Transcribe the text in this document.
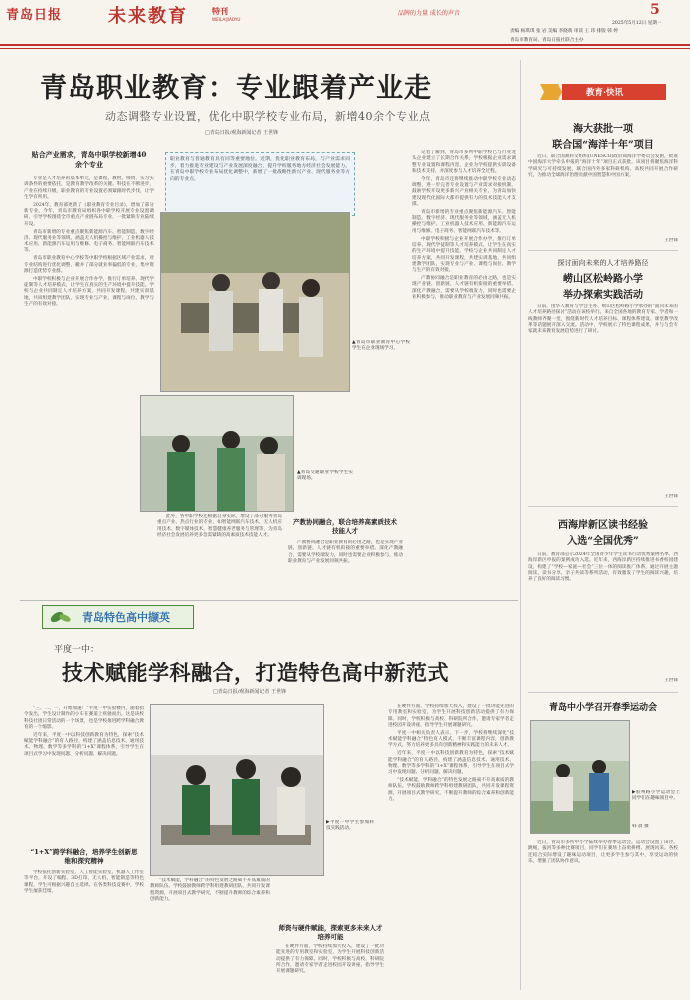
青岛日报	未来教育	特刊
WEILAIJIAOYU
品牌的力量 成长的声音	5
2025年5月12日 星期一
责编 杨琪琪 张 岩 美编 李晓萌 审读 王 玮 排版 韩 婷
青岛市教育局、青岛日报社联合主办
青岛职业教育：专业跟着产业走
动态调整专业设置，优化中职学校专业布局，新增40余个专业点
□青岛日报/观海新闻记者 王世锋
职业教育与普通教育具有同等重要地位。近期，优化职业教育布局，与产业需求同步，着力推进专业建设与产业发展深度融合，提升学校服务地方经济社会发展能力。在青岛中职学校专业布局优化调整中，新增了一批战略性新兴产业、现代服务业等方向的专业点。
贴合产业需求，青岛中职学校新增40余个专业

专业是人才培养的基本单元，是课程、教材、师资、实习实训条件的重要依托，是教育教学改革的关键。科技在不断进步，产业在持续升级，职业教育的专业设置必须紧跟时代步伐，让学生学有所用。

2024年，教育部更新了《职业教育专业目录》，增加了部分新专业。今年，青岛市教育局组织各中职学校开展专业设置调研，引导学校围绕全市重点产业链布局专业，一批紧缺专业陆续开设。

青岛市新增的专业重点聚焦新能源汽车、智能制造、数字经济、现代服务业等领域，涵盖无人机操控与维护、工业机器人技术应用、新能源汽车运用与维修、电子商务、智能网联汽车技术等。

青岛市职业教育中心学校等中职学校根据区域产业需求，对专业结构进行优化调整，撤并了部分就业率偏低的专业，集中资源打造优势专业群。

中职学校积极与企业开展合作办学，推行订单培养、现代学徒制等人才培养模式，让学生在真实的生产环境中提升技能。学校与企业共同制定人才培养方案，共同开发课程，共建实训基地，共同组建教学团队，实现专业与产业、课程与岗位、教学与生产的有效对接。

▲青岛市职业教育中心学校学生在企业现场学习。
▲青岛交通职业学校学生实训现场。

此外，各中职学校还根据自身实际，增设了部分服务青岛重点产业、热点行业的专业，如智能网联汽车技术、无人机应用技术、数字媒体技术、智慧健康养老服务与管理等，为青岛经济社会发展培养更多急需紧缺的高素质技术技能人才。

产教协同融合，联合培养高素质技术技能人才

产教协同融合是职业教育的必由之路，也是实现产业链、创新链、人才链有机衔接的重要举措。深化产教融合，需要从学校端发力，同时也需要企业积极参与，推动职业教育与产业发展同频共振。

记者了解到，青岛市多所中职学校已与行业龙头企业建立了长期合作关系，学校根据企业需求调整专业设置和课程内容，企业为学校提供实训设备和技术支持，并深度参与人才培养全过程。

今年，青岛市还将继续推动中职学校专业动态调整，进一步完善专业设置与产业需求对接机制，鼓励学校开设更多新兴产业相关专业，为青岛加快建设现代化国际大都市提供有力的技术技能人才支撑。

青岛市新增的专业重点聚焦新能源汽车、智能制造、数字经济、现代服务业等领域，涵盖无人机操控与维护、工业机器人技术应用、新能源汽车运用与维修、电子商务、智能网联汽车技术等。

中职学校积极与企业开展合作办学，推行订单培养、现代学徒制等人才培养模式，让学生在真实的生产环境中提升技能。学校与企业共同制定人才培养方案，共同开发课程，共建实训基地，共同组建教学团队，实现专业与产业、课程与岗位、教学与生产的有效对接。

产教协同融合是职业教育的必由之路，也是实现产业链、创新链、人才链有机衔接的重要举措。深化产教融合，需要从学校端发力，同时也需要企业积极参与，推动职业教育与产业发展同频共振。

青岛特色高中撷英
平度一中：
技术赋能学科融合，打造特色高中新范式
□青岛日报/观海新闻记者 王世锋

“三、二、一，开始加速！”平度一中实验楼内，随着指令发出，学生设计制作的小车在赛道上疾驰而出。这是该校科技社团日常活动的一个场景，也是学校推进跨学科融合教育的一个缩影。

近年来，平度一中以科技创新教育为特色，探索“技术赋能学科融合”的育人路径，构建了涵盖信息技术、通用技术、物理、数学等多学科的“1+X”课程体系，引导学生在项目式学习中发现问题、分析问题、解决问题。

“1+X”跨学科融合，培养学生创新思维和探究精神

学校依托创新实验室、人工智能实验室、机器人工作室等平台，开设了编程、3D打印、无人机、智能制造等特色课程，学生可根据兴趣自主选择。在各类科技竞赛中，学校学生屡获佳绩。

▶平度一中学生参加科技实践活动。

“技术赋能，学科融合”的特色发展之路离不开高素质的教师队伍。学校鼓励教师跨学科组建教研团队，共同开发课程资源，开展项目式教学研究，不断提升教师的综合素养和创新能力。

师资与硬件赋能，探索更多未来人才培养可能

在硬件方面，学校持续加大投入，建设了一批功能先进的专用教室和实验室，为学生开展科技创新活动提供了有力保障。同时，学校积极与高校、科研院所合作，邀请专家学者走进校园开设讲座、指导学生开展课题研究。

在硬件方面，学校持续加大投入，建设了一批功能先进的专用教室和实验室，为学生开展科技创新活动提供了有力保障。同时，学校积极与高校、科研院所合作，邀请专家学者走进校园开设讲座、指导学生开展课题研究。

平度一中相关负责人表示，下一步，学校将继续深化“技术赋能学科融合”特色育人模式，不断丰富课程内容，创新教学方式，努力培养更多具有创新精神和实践能力的未来人才。

近年来，平度一中以科技创新教育为特色，探索“技术赋能学科融合”的育人路径，构建了涵盖信息技术、通用技术、物理、数学等多学科的“1+X”课程体系，引导学生在项目式学习中发现问题、分析问题、解决问题。

“技术赋能，学科融合”的特色发展之路离不开高素质的教师队伍。学校鼓励教师跨学科组建教研团队，共同开发课程资源，开展项目式教学研究，不断提升教师的综合素养和创新能力。

教育·快讯
海大获批一项
联合国“海洋十年”项目
近日，联合国教科文组织(UNESCO)政府间海洋学委员会发函，批准中国海洋大学牵头申报的“海洋十年”项目正式获批。该项目将聚焦海洋科学研究与可持续发展，联合国内外多家科研机构、高校共同开展合作研究，为推动全球海洋治理贡献中国智慧和中国方案。
王世锋
探讨面向未来的人才培养路径
崂山区松岭路小学
举办探索实践活动
日前，由华人教育与学会主办、崂山区松岭路小学承办的“面向未来的人才培养路径探讨”活动在该校举行。来自全国各地的教育专家、学者和一线教师齐聚一堂，围绕新时代人才培养目标、课程体系建设、课堂教学改革等话题展开深入交流。活动中，学校展示了特色课程成果，并与与会专家就未来教育发展趋势进行了研讨。
王世锋
西海岸新区读书经验
入选“全国优秀”
日前，教育部公示2024年全国青少年学生读书行动优秀案例名单，西海岸新区申报的案例成功入选。近年来，西海岸新区持续推进书香校园建设，构建了“学校—家庭—社会”三位一体的阅读推广体系，通过开展主题阅读、读书分享、亲子共读等系列活动，有效激发了学生的阅读兴趣，培养了良好的阅读习惯。
王世锋
青岛中小学召开春季运动会
▶胶州路小学运动会上同学们在趣味项目中。
韩 晨 摄
近日，青岛市多所中小学陆续举办春季运动会。运动会设置了田径、跳绳、拔河等多种比赛项目，同学们在赛场上奋勇拼搏、展现风采。各校还结合实际增设了趣味运动项目，让更多学生参与其中，享受运动的快乐，增强了团队协作意识。
